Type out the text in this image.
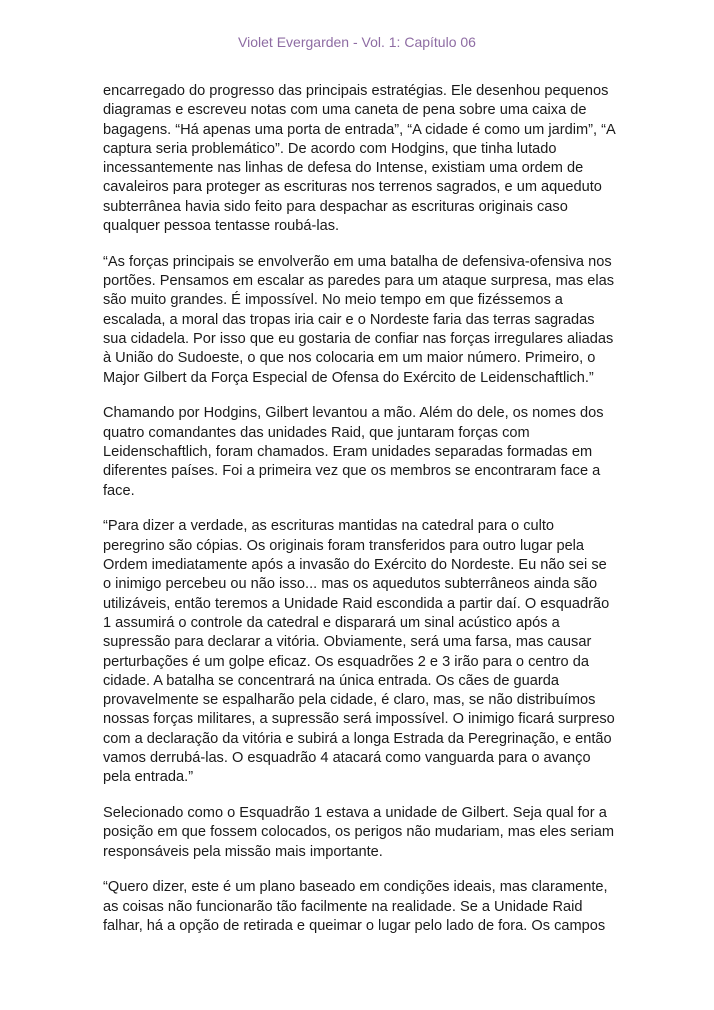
Violet Evergarden - Vol. 1: Capítulo 06

encarregado do progresso das principais estratégias. Ele desenhou pequenos diagramas e escreveu notas com uma caneta de pena sobre uma caixa de bagagens. “Há apenas uma porta de entrada”, “A cidade é como um jardim”, “A captura seria problemático”. De acordo com Hodgins, que tinha lutado incessantemente nas linhas de defesa do Intense, existiam uma ordem de cavaleiros para proteger as escrituras nos terrenos sagrados, e um aqueduto subterrânea havia sido feito para despachar as escrituras originais caso qualquer pessoa tentasse roubá-las.

“As forças principais se envolverão em uma batalha de defensiva-ofensiva nos portões. Pensamos em escalar as paredes para um ataque surpresa, mas elas são muito grandes. É impossível. No meio tempo em que fizéssemos a escalada, a moral das tropas iria cair e o Nordeste faria das terras sagradas sua cidadela. Por isso que eu gostaria de confiar nas forças irregulares aliadas à União do Sudoeste, o que nos colocaria em um maior número. Primeiro, o Major Gilbert da Força Especial de Ofensa do Exército de Leidenschaftlich.”

Chamando por Hodgins, Gilbert levantou a mão. Além do dele, os nomes dos quatro comandantes das unidades Raid, que juntaram forças com Leidenschaftlich, foram chamados. Eram unidades separadas formadas em diferentes países. Foi a primeira vez que os membros se encontraram face a face.

“Para dizer a verdade, as escrituras mantidas na catedral para o culto peregrino são cópias. Os originais foram transferidos para outro lugar pela Ordem imediatamente após a invasão do Exército do Nordeste. Eu não sei se o inimigo percebeu ou não isso... mas os aquedutos subterrâneos ainda são utilizáveis, então teremos a Unidade Raid escondida a partir daí. O esquadrão 1 assumirá o controle da catedral e disparará um sinal acústico após a supressão para declarar a vitória. Obviamente, será uma farsa, mas causar perturbações é um golpe eficaz. Os esquadrões 2 e 3 irão para o centro da cidade. A batalha se concentrará na única entrada. Os cães de guarda provavelmente se espalharão pela cidade, é claro, mas, se não distribuímos nossas forças militares, a supressão será impossível. O inimigo ficará surpreso com a declaração da vitória e subirá a longa Estrada da Peregrinação, e então vamos derrubá-las. O esquadrão 4 atacará como vanguarda para o avanço pela entrada.”

Selecionado como o Esquadrão 1 estava a unidade de Gilbert. Seja qual for a posição em que fossem colocados, os perigos não mudariam, mas eles seriam responsáveis pela missão mais importante.

“Quero dizer, este é um plano baseado em condições ideais, mas claramente, as coisas não funcionarão tão facilmente na realidade. Se a Unidade Raid falhar, há a opção de retirada e queimar o lugar pelo lado de fora. Os campos
